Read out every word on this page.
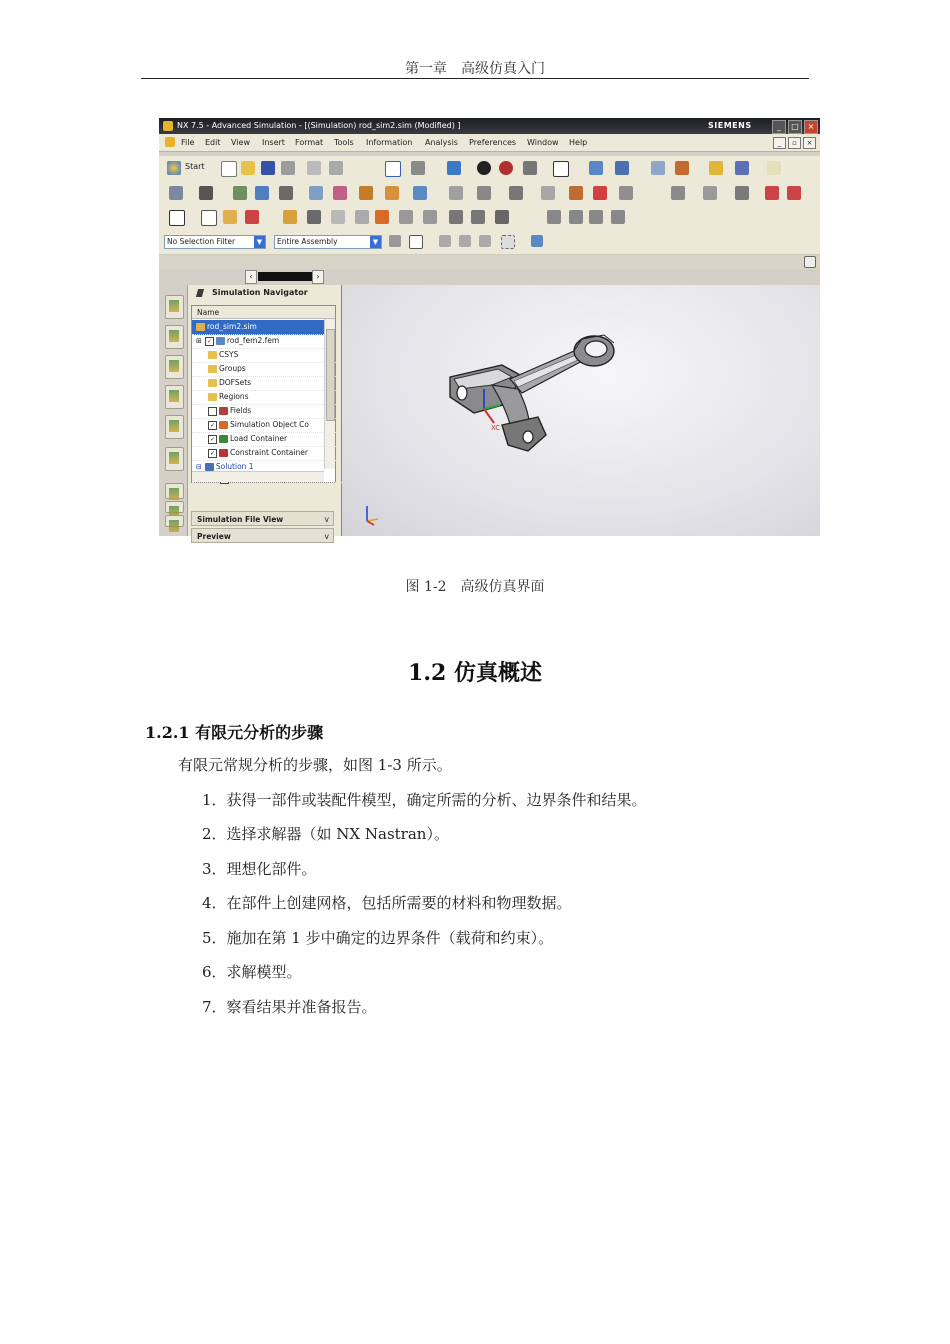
第一章　高级仿真入门
NX 7.5 - Advanced Simulation - [(Simulation) rod_sim2.sim (Modified) ]	SIEMENS	_	□	×
File Edit View Insert Format Tools Information Analysis Preferences Window Help	_	▫	×
Start
No Selection Filter	▼	Entire Assembly	▼
‹	›
Simulation Navigator
Name
rod_sim2.sim
⊞ ✓ rod_fem2.fem
CSYS
Groups
DOFSets
Regions
Fields
✓ Simulation Object Co
✓ Load Container
✓ Constraint Container
⊟ Solution 1
Simulation File View	v
Preview	v
XC
图 1-2　高级仿真界面
1.2 仿真概述
1.2.1 有限元分析的步骤
有限元常规分析的步骤，如图 1-3 所示。
1．获得一部件或装配件模型，确定所需的分析、边界条件和结果。
2．选择求解器（如 NX Nastran）。
3．理想化部件。
4．在部件上创建网格，包括所需要的材料和物理数据。
5．施加在第 1 步中确定的边界条件（载荷和约束）。
6．求解模型。
7．察看结果并准备报告。
